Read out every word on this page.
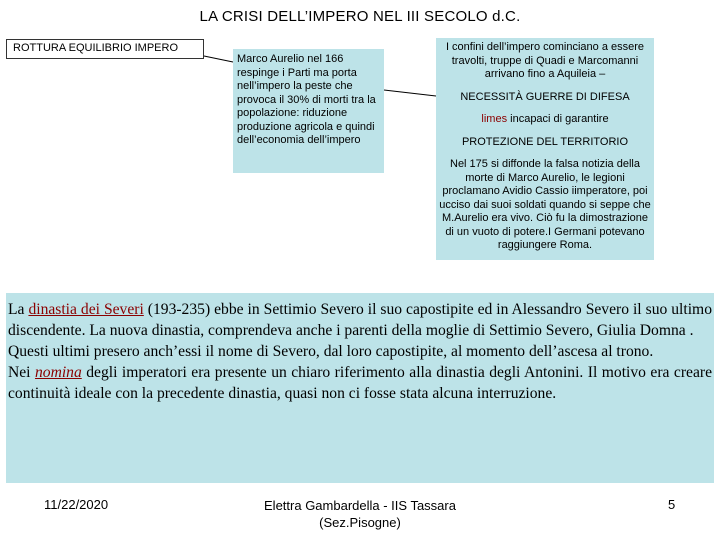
LA CRISI DELL’IMPERO NEL III SECOLO d.C.
ROTTURA EQUILIBRIO IMPERO
Marco Aurelio nel 166 respinge i Parti ma porta nell’impero la peste che provoca il 30% di morti tra la popolazione: riduzione produzione agricola e quindi dell’economia dell’impero

I confini dell’impero cominciano a essere travolti, truppe di Quadi e Marcomanni arrivano fino a Aquileia –

NECESSITÀ GUERRE DI DIFESA

limes incapaci di garantire

PROTEZIONE DEL TERRITORIO

Nel 175 si diffonde la falsa notizia della morte di Marco Aurelio, le legioni proclamano Avidio Cassio iimperatore, poi ucciso dai suoi soldati quando si seppe che M.Aurelio era vivo. Ciò fu la dimostrazione di un vuoto di potere.I Germani potevano raggiungere Roma.

La dinastia dei Severi (193-235) ebbe in Settimio Severo il suo capostipite ed in Alessandro Severo il suo ultimo discendente. La nuova dinastia, comprendeva anche i parenti della moglie di Settimio Severo, Giulia Domna .

Questi ultimi presero anch’essi il nome di Severo, dal loro capostipite, al momento dell’ascesa al trono.

Nei nomina degli imperatori era presente un chiaro riferimento alla dinastia degli Antonini. Il motivo era creare continuità ideale con la precedente dinastia, quasi non ci fosse stata alcuna interruzione.

11/22/2020	Elettra Gambardella - IIS Tassara
(Sez.Pisogne)
5
